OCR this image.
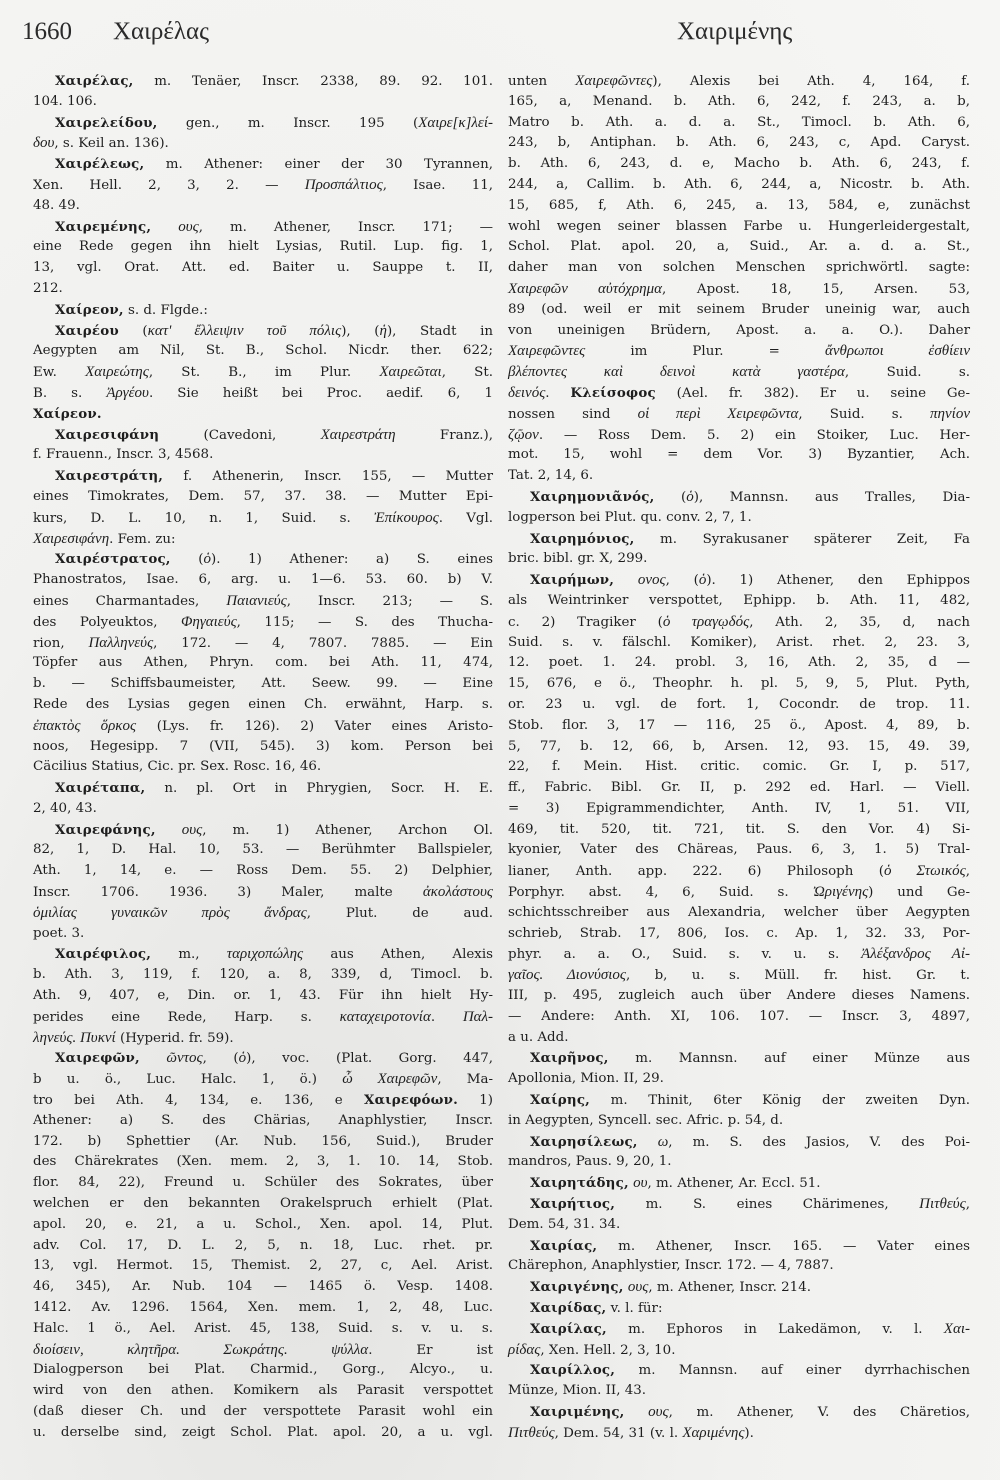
1660 Χαιρέλας	Χαιριμένης
Χαιρέλας, m. Tenäer, Inscr. 2338, 89. 92. 101.
104. 106.
Χαιρελείδου, gen., m. Inscr. 195 (Χαιρε[κ]λεί-
δου, s. Keil an. 136).
Χαιρέλεως, m. Athener: einer der 30 Tyrannen,
Xen. Hell. 2, 3, 2. — Προσπάλτιος, Isae. 11,
48. 49.
Χαιρεμένης, ους, m. Athener, Inscr. 171; —
eine Rede gegen ihn hielt Lysias, Rutil. Lup. fig. 1,
13, vgl. Orat. Att. ed. Baiter u. Sauppe t. II,
212.
Χαίρεον, s. d. Flgde.:
Χαιρέου (κατ' ἔλλειψιν τοῦ πόλις), (ἡ), Stadt in
Aegypten am Nil, St. B., Schol. Nicdr. ther. 622;
Ew. Χαιρεώτης, St. B., im Plur. Χαιρεῶται, St.
B. s. Ἀργέου. Sie heißt bei Proc. aedif. 6, 1
Χαίρεον.
Χαιρεσιφάνη (Cavedoni, Χαιρεστράτη Franz.),
f. Frauenn., Inscr. 3, 4568.
Χαιρεστράτη, f. Athenerin, Inscr. 155, — Mutter
eines Timokrates, Dem. 57, 37. 38. — Mutter Epi-
kurs, D. L. 10, n. 1, Suid. s. Ἐπίκουρος. Vgl.
Χαιρεσιφάνη. Fem. zu:
Χαιρέστρατος, (ὁ). 1) Athener: a) S. eines
Phanostratos, Isae. 6, arg. u. 1—6. 53. 60. b) V.
eines Charmantades, Παιανιεύς, Inscr. 213; — S.
des Polyeuktos, Φηγαιεύς, 115; — S. des Thucha-
rion, Παλληνεύς, 172. — 4, 7807. 7885. — Ein
Töpfer aus Athen, Phryn. com. bei Ath. 11, 474,
b. — Schiffsbaumeister, Att. Seew. 99. — Eine
Rede des Lysias gegen einen Ch. erwähnt, Harp. s.
ἐπακτὸς ὅρκος (Lys. fr. 126). 2) Vater eines Aristo-
noos, Hegesipp. 7 (VII, 545). 3) kom. Person bei
Cäcilius Statius, Cic. pr. Sex. Rosc. 16, 46.
Χαιρέταπα, n. pl. Ort in Phrygien, Socr. H. E.
2, 40, 43.
Χαιρεφάνης, ους, m. 1) Athener, Archon Ol.
82, 1, D. Hal. 10, 53. — Berühmter Ballspieler,
Ath. 1, 14, e. — Ross Dem. 55. 2) Delphier,
Inscr. 1706. 1936. 3) Maler, malte ἀκολάστους
ὁμιλίας γυναικῶν πρὸς ἄνδρας, Plut. de aud.
poet. 3.
Χαιρέφιλος, m., ταριχοπώλης aus Athen, Alexis
b. Ath. 3, 119, f. 120, a. 8, 339, d, Timocl. b.
Ath. 9, 407, e, Din. or. 1, 43. Für ihn hielt Hy-
perides eine Rede, Harp. s. καταχειροτονία. Παλ-
ληνεύς. Πυκνί (Hyperid. fr. 59).
Χαιρεφῶν, ῶντος, (ὁ), voc. (Plat. Gorg. 447,
b u. ö., Luc. Halc. 1, ö.) ὦ Χαιρεφῶν, Ma-
tro bei Ath. 4, 134, e. 136, e Χαιρεφόων. 1)
Athener: a) S. des Chärias, Anaphlystier, Inscr.
172. b) Sphettier (Ar. Nub. 156, Suid.), Bruder
des Chärekrates (Xen. mem. 2, 3, 1. 10. 14, Stob.
flor. 84, 22), Freund u. Schüler des Sokrates, über
welchen er den bekannten Orakelspruch erhielt (Plat.
apol. 20, e. 21, a u. Schol., Xen. apol. 14, Plut.
adv. Col. 17, D. L. 2, 5, n. 18, Luc. rhet. pr.
13, vgl. Hermot. 15, Themist. 2, 27, c, Ael. Arist.
46, 345), Ar. Nub. 104 — 1465 ö. Vesp. 1408.
1412. Av. 1296. 1564, Xen. mem. 1, 2, 48, Luc.
Halc. 1 ö., Ael. Arist. 45, 138, Suid. s. v. u. s.
διοίσειν, κλητῆρα. Σωκράτης. ψύλλα. Er ist
Dialogperson bei Plat. Charmid., Gorg., Alcyo., u.
wird von den athen. Komikern als Parasit verspottet
(daß dieser Ch. und der verspottete Parasit wohl ein
u. derselbe sind, zeigt Schol. Plat. apol. 20, a u. vgl.
unten Χαιρεφῶντες), Alexis bei Ath. 4, 164, f.
165, a, Menand. b. Ath. 6, 242, f. 243, a. b,
Matro b. Ath. a. d. a. St., Timocl. b. Ath. 6,
243, b, Antiphan. b. Ath. 6, 243, c, Apd. Caryst.
b. Ath. 6, 243, d. e, Macho b. Ath. 6, 243, f.
244, a, Callim. b. Ath. 6, 244, a, Nicostr. b. Ath.
15, 685, f, Ath. 6, 245, a. 13, 584, e, zunächst
wohl wegen seiner blassen Farbe u. Hungerleidergestalt,
Schol. Plat. apol. 20, a, Suid., Ar. a. d. a. St.,
daher man von solchen Menschen sprichwörtl. sagte:
Χαιρεφῶν αὐτόχρημα, Apost. 18, 15, Arsen. 53,
89 (od. weil er mit seinem Bruder uneinig war, auch
von uneinigen Brüdern, Apost. a. a. O.). Daher
Χαιρεφῶντες im Plur. = ἄνθρωποι ἐσθίειν
βλέποντες καὶ δεινοὶ κατὰ γαστέρα, Suid. s.
δεινός. Κλείσοφος (Ael. fr. 382). Er u. seine Ge-
nossen sind οἱ περὶ Χειρεφῶντα, Suid. s. πηνίον
ζῷον. — Ross Dem. 5. 2) ein Stoiker, Luc. Her-
mot. 15, wohl = dem Vor. 3) Byzantier, Ach.
Tat. 2, 14, 6.
Χαιρημονιᾶνός, (ὁ), Mannsn. aus Tralles, Dia-
logperson bei Plut. qu. conv. 2, 7, 1.
Χαιρημόνιος, m. Syrakusaner späterer Zeit, Fa
bric. bibl. gr. X, 299.
Χαιρήμων, ονος, (ὁ). 1) Athener, den Ephippos
als Weintrinker verspottet, Ephipp. b. Ath. 11, 482,
c. 2) Tragiker (ὁ τραγῳδός, Ath. 2, 35, d, nach
Suid. s. v. fälschl. Komiker), Arist. rhet. 2, 23. 3,
12. poet. 1. 24. probl. 3, 16, Ath. 2, 35, d —
15, 676, e ö., Theophr. h. pl. 5, 9, 5, Plut. Pyth,
or. 23 u. vgl. de fort. 1, Cocondr. de trop. 11.
Stob. flor. 3, 17 — 116, 25 ö., Apost. 4, 89, b.
5, 77, b. 12, 66, b, Arsen. 12, 93. 15, 49. 39,
22, f. Mein. Hist. critic. comic. Gr. I, p. 517,
ff., Fabric. Bibl. Gr. II, p. 292 ed. Harl. — Viell.
= 3) Epigrammendichter, Anth. IV, 1, 51. VII,
469, tit. 520, tit. 721, tit. S. den Vor. 4) Si-
kyonier, Vater des Chäreas, Paus. 6, 3, 1. 5) Tral-
lianer, Anth. app. 222. 6) Philosoph (ὁ Στωικός,
Porphyr. abst. 4, 6, Suid. s. Ὠριγένης) und Ge-
schichtsschreiber aus Alexandria, welcher über Aegypten
schrieb, Strab. 17, 806, Ios. c. Ap. 1, 32. 33, Por-
phyr. a. a. O., Suid. s. v. u. s. Ἀλέξανδρος Αἰ-
γαῖος. Διονύσιος, b, u. s. Müll. fr. hist. Gr. t.
III, p. 495, zugleich auch über Andere dieses Namens.
— Andere: Anth. XI, 106. 107. — Inscr. 3, 4897,
a u. Add.
Χαιρῆνος, m. Mannsn. auf einer Münze aus
Apollonia, Mion. II, 29.
Χαίρης, m. Thinit, 6ter König der zweiten Dyn.
in Aegypten, Syncell. sec. Afric. p. 54, d.
Χαιρησίλεως, ω, m. S. des Jasios, V. des Poi-
mandros, Paus. 9, 20, 1.
Χαιρητάδης, ου, m. Athener, Ar. Eccl. 51.
Χαιρήτιος, m. S. eines Chärimenes, Πιτθεύς,
Dem. 54, 31. 34.
Χαιρίας, m. Athener, Inscr. 165. — Vater eines
Chärephon, Anaphlystier, Inscr. 172. — 4, 7887.
Χαιριγένης, ους, m. Athener, Inscr. 214.
Χαιρίδας, v. l. für:
Χαιρίλας, m. Ephoros in Lakedämon, v. l. Χαι-
ρίδας, Xen. Hell. 2, 3, 10.
Χαιρίλλος, m. Mannsn. auf einer dyrrhachischen
Münze, Mion. II, 43.
Χαιριμένης, ους, m. Athener, V. des Chäretios,
Πιτθεύς, Dem. 54, 31 (v. l. Χαριμένης).
